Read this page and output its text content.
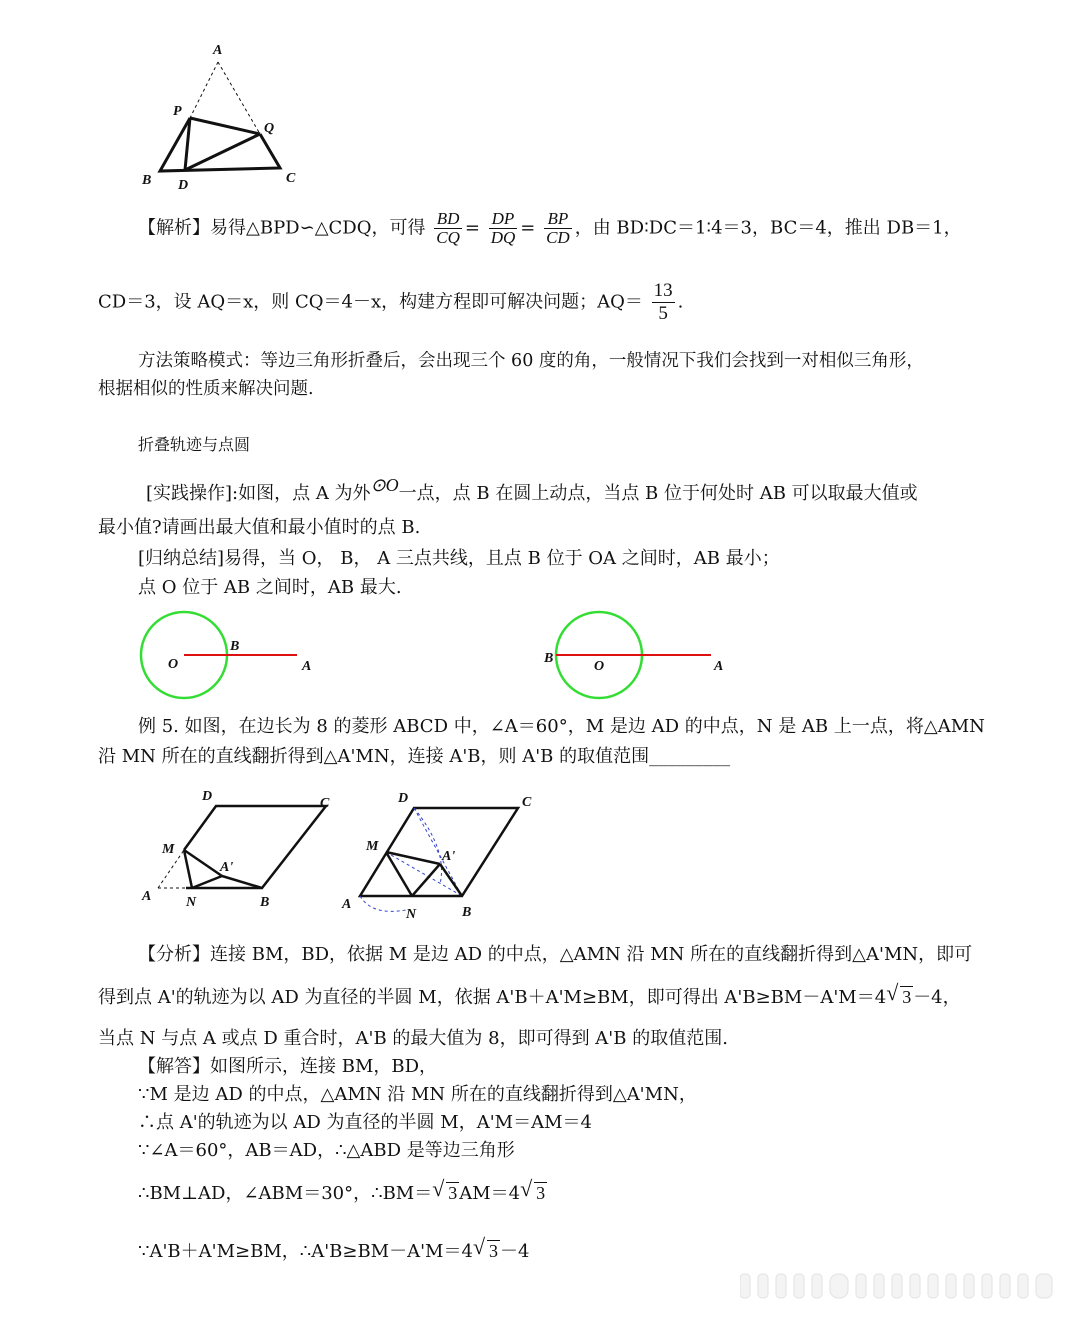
A
P
Q
B D	C
【解析】易得△BPD∽△CDQ，可得 $\frac{BD}{CQ} = \frac{DP}{DQ} = \frac{BP}{CD}$ ，由 BD∶DC＝1∶4＝3，BC＝4，推出 DB＝1，
CD＝3，设 AQ＝x，则 CQ＝4－x，构建方程即可解决问题；$AQ= \frac{13}{5}$ .
方法策略模式：等边三角形折叠后，会出现三个 60 度的角，一般情况下我们会找到一对相似三角形，
根据相似的性质来解决问题.
折叠轨迹与点圆
[实践操作]:如图，点 A 为外⊙O一点，点 B 在圆上动点，当点 B 位于何处时 AB 可以取最大值或
最小值?请画出最大值和最小值时的点 B.
[归纳总结]易得，当 O， B， A 三点共线，且点 B 位于 OA 之间时，AB 最小；
点 O 位于 AB 之间时，AB 最大.
O
B
A
B
O	A
例 5. 如图，在边长为 8 的菱形 ABCD 中，∠A＝60°，M 是边 AD 的中点，N 是 AB 上一点，将△AMN
沿 MN 所在的直线翻折得到△A'MN，连接 A'B，则 A'B 的取值范围_________
D	C
M
A'
A N	B
D	C
M
A'
A
N	B
【分析】连接 BM，BD，依据 M 是边 AD 的中点，△AMN 沿 MN 所在的直线翻折得到△A'MN，即可
得到点 A'的轨迹为以 AD 为直径的半圆 M，依据 A'B＋A'M≥BM，即可得出 A'B≥BM－A'M＝4 √ 3 －4，
当点 N 与点 A 或点 D 重合时，A'B 的最大值为 8，即可得到 A'B 的取值范围.
【解答】如图所示，连接 BM，BD，
∵M 是边 AD 的中点，△AMN 沿 MN 所在的直线翻折得到△A'MN，
∴点 A'的轨迹为以 AD 为直径的半圆 M，A'M＝AM＝4
∵∠A＝60°，AB＝AD，∴△ABD 是等边三角形
∴BM⊥AD，∠ABM＝30°，∴BM＝ √ 3 AM＝4 √ 3
∵A'B＋A'M≥BM，∴A'B≥BM－A'M＝4 √ 3 －4
